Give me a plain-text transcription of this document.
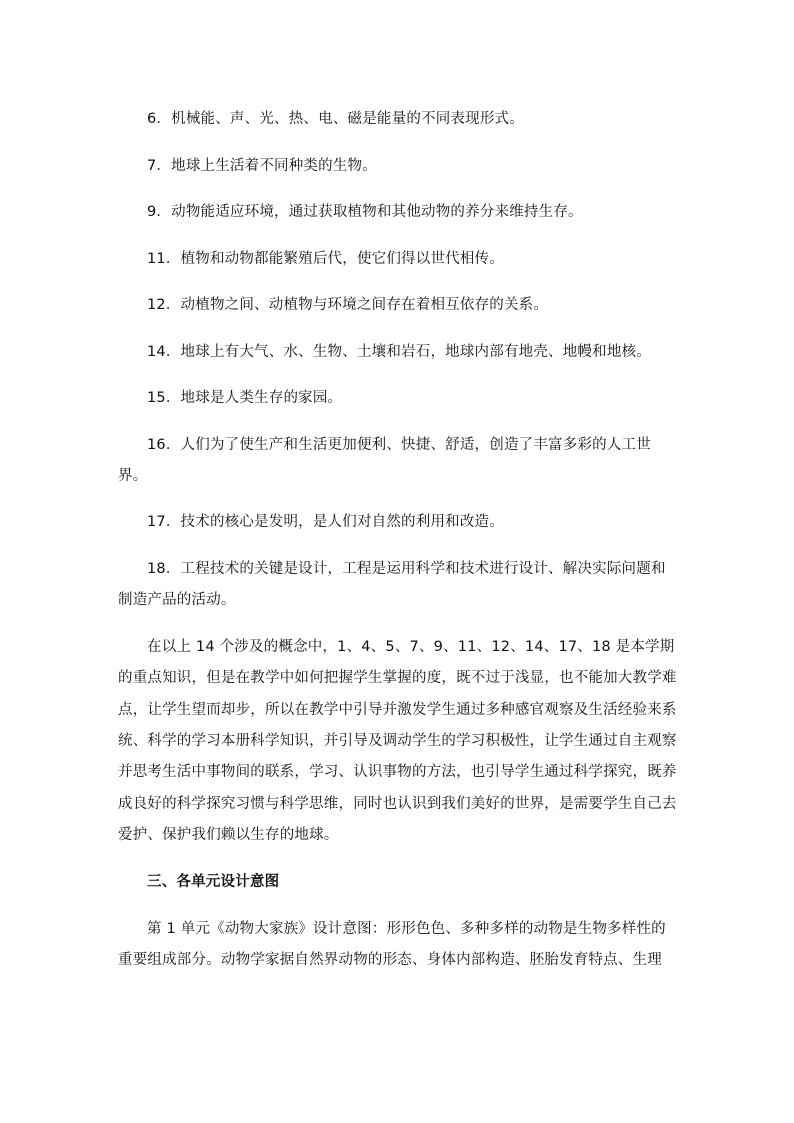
6．机械能、声、光、热、电、磁是能量的不同表现形式。

7．地球上生活着不同种类的生物。

9．动物能适应环境，通过获取植物和其他动物的养分来维持生存。

11．植物和动物都能繁殖后代，使它们得以世代相传。

12．动植物之间、动植物与环境之间存在着相互依存的关系。

14．地球上有大气、水、生物、土壤和岩石，地球内部有地壳、地幔和地核。

15．地球是人类生存的家园。

16．人们为了使生产和生活更加便利、快捷、舒适，创造了丰富多彩的人工世界。

17．技术的核心是发明，是人们对自然的利用和改造。

18．工程技术的关键是设计，工程是运用科学和技术进行设计、解决实际问题和制造产品的活动。

在以上 14 个涉及的概念中，1、4、5、7、9、11、12、14、17、18 是本学期的重点知识，但是在教学中如何把握学生掌握的度，既不过于浅显，也不能加大教学难点，让学生望而却步，所以在教学中引导并激发学生通过多种感官观察及生活经验来系统、科学的学习本册科学知识，并引导及调动学生的学习积极性，让学生通过自主观察并思考生活中事物间的联系，学习、认识事物的方法，也引导学生通过科学探究，既养成良好的科学探究习惯与科学思维，同时也认识到我们美好的世界，是需要学生自己去爱护、保护我们赖以生存的地球。

三、各单元设计意图

第 1 单元《动物大家族》设计意图：形形色色、多种多样的动物是生物多样性的重要组成部分。动物学家据自然界动物的形态、身体内部构造、胚胎发育特点、生理
